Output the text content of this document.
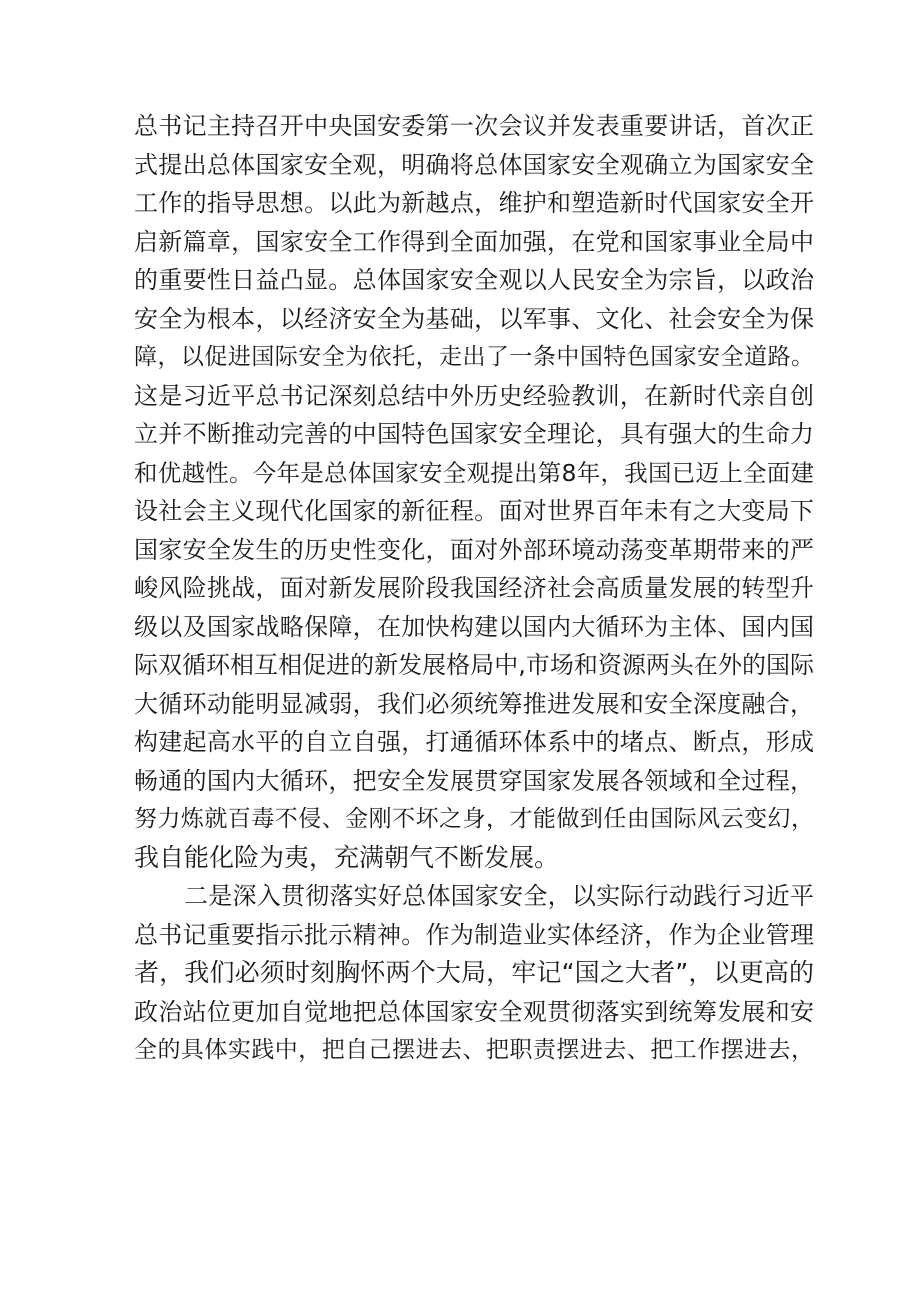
总书记主持召开中央国安委第一次会议并发表重要讲话，首次正
式提出总体国家安全观，明确将总体国家安全观确立为国家安全
工作的指导思想。以此为新越点，维护和塑造新时代国家安全开
启新篇章，国家安全工作得到全面加强，在党和国家事业全局中
的重要性日益凸显。总体国家安全观以人民安全为宗旨，以政治
安全为根本，以经济安全为基础，以军事、文化、社会安全为保
障，以促进国际安全为依托，走出了一条中国特色国家安全道路。
这是习近平总书记深刻总结中外历史经验教训，在新时代亲自创
立并不断推动完善的中国特色国家安全理论，具有强大的生命力
和优越性。今年是总体国家安全观提出第8年，我国已迈上全面建
设社会主义现代化国家的新征程。面对世界百年未有之大变局下
国家安全发生的历史性变化，面对外部环境动荡变革期带来的严
峻风险挑战，面对新发展阶段我国经济社会高质量发展的转型升
级以及国家战略保障，在加快构建以国内大循环为主体、国内国
际双循环相互相促进的新发展格局中,市场和资源两头在外的国际
大循环动能明显减弱，我们必须统筹推进发展和安全深度融合，
构建起高水平的自立自强，打通循环体系中的堵点、断点，形成
畅通的国内大循环，把安全发展贯穿国家发展各领域和全过程，
努力炼就百毒不侵、金刚不坏之身，才能做到任由国际风云变幻，
我自能化险为夷，充满朝气不断发展。
二是深入贯彻落实好总体国家安全，以实际行动践行习近平
总书记重要指示批示精神。作为制造业实体经济，作为企业管理
者，我们必须时刻胸怀两个大局，牢记“国之大者”，以更高的
政治站位更加自觉地把总体国家安全观贯彻落实到统筹发展和安
全的具体实践中，把自己摆进去、把职责摆进去、把工作摆进去，
